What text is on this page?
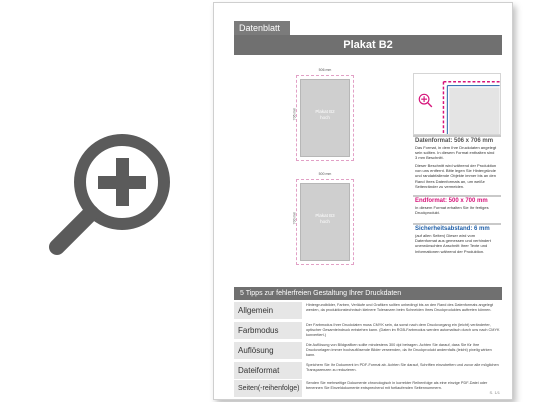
Datenblatt
Plakat B2
506 mm
706 mm	Plakat B2
hoch
500 mm
700 mm	Plakat B3
hoch
Datenformat: 506 x 706 mm
Das Format, in dem Ihre Druckdaten angelegt sein sollten. In diesem Format enthalten sind 3 mm Beschnitt.
Dieser Beschnitt wird während der Produktion von uns entfernt. Bitte legen Sie Hintergründe und randabfallende Objekte immer bis an den Rand Ihres Datenformats an, um weiße Seitenränder zu vermeiden.
Endformat: 500 x 700 mm
In diesem Format erhalten Sie Ihr fertiges Druckprodukt.
Sicherheitsabstand: 6 mm
(auf allen Seiten) Dieser wird vom Datenformat aus gemessen und verhindert unerwünschten Anschnitt Ihrer Texte und Informationen während der Produktion.
5 Tipps zur fehlerfreien Gestaltung Ihrer Druckdaten
Allgemein
Hintergrundbilder, Farben, Verläufe und Grafiken sollten unbedingt bis an den Rand des Datenformats angelegt werden, da produktionstechnisch kleinere Toleranzen beim Schneiden Ihres Druckproduktes auftreten können.
Farbmodus
Der Farbmodus Ihrer Druckdaten muss CMYK sein, da sonst nach dem Druckvorgang ein (leicht) veränderter, optischer Gesamteindruck entstehen kann. (Daten im RGB-Farbmodus werden automatisch durch uns nach CMYK konvertiert.)
Auflösung
Die Auflösung von Bildgrafiken sollte mindestens 300 dpi betragen. Achten Sie darauf, dass Sie für Ihre Druckvorlagen immer hochauflösende Bilder verwenden, da Ihr Druckprodukt andernfalls (leicht) pixelig wirken kann.
Dateiformat
Speichern Sie Ihr Dokument im PDF-Format ab. Achten Sie darauf, Schriften einzubetten und zuvor alle möglichen Transparenzen zu reduzieren.
Seiten(-reihenfolge)
Senden Sie mehrseitige Dokumente chronologisch in korrekter Reihenfolge als eine einzige PDF-Datei oder benennen Sie Einzeldokumente entsprechend mit fortlaufenden Seitennummern.
S. 1/1
